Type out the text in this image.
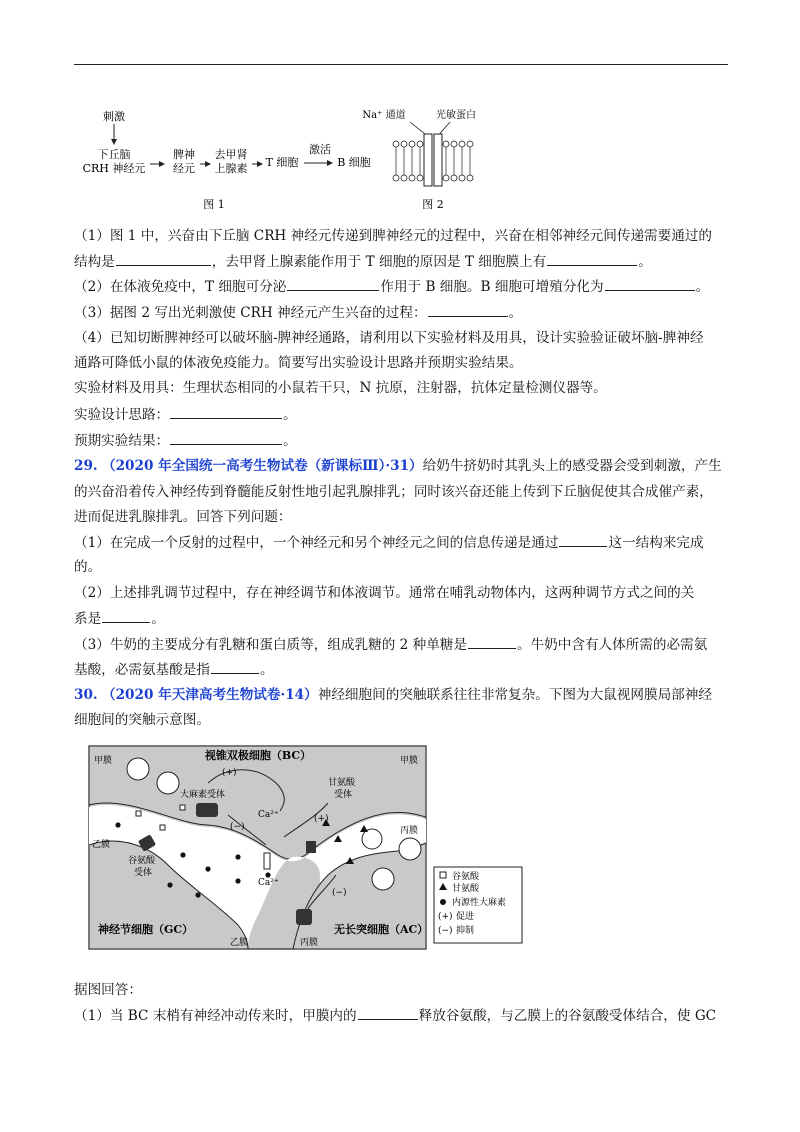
刺激
下丘脑
CRH 神经元
脾神
经元
去甲肾
上腺素 T 细胞
激活
B 细胞
图 1
Na⁺ 通道	光敏蛋白
图 2
（1）图 1 中，兴奋由下丘脑 CRH 神经元传递到脾神经元的过程中，兴奋在相邻神经元间传递需要通过的
结构是	，去甲肾上腺素能作用于 T 细胞的原因是 T 细胞膜上有	。
（2）在体液免疫中，T 细胞可分泌	作用于 B 细胞。B 细胞可增殖分化为	。
（3）据图 2 写出光刺激使 CRH 神经元产生兴奋的过程：	。
（4）已知切断脾神经可以破坏脑-脾神经通路，请利用以下实验材料及用具，设计实验验证破坏脑-脾神经
通路可降低小鼠的体液免疫能力。简要写出实验设计思路并预期实验结果。
实验材料及用具：生理状态相同的小鼠若干只，N 抗原，注射器，抗体定量检测仪器等。
实验设计思路：	。
预期实验结果：	。
29. （2020 年全国统一高考生物试卷（新课标Ⅲ）·31）给奶牛挤奶时其乳头上的感受器会受到刺激，产生
的兴奋沿着传入神经传到脊髓能反射性地引起乳腺排乳；同时该兴奋还能上传到下丘脑促使其合成催产素，
进而促进乳腺排乳。回答下列问题：
（1）在完成一个反射的过程中，一个神经元和另个神经元之间的信息传递是通过	这一结构来完成
的。
（2）上述排乳调节过程中，存在神经调节和体液调节。通常在哺乳动物体内，这两种调节方式之间的关
系是	。
（3）牛奶的主要成分有乳糖和蛋白质等，组成乳糖的 2 种单糖是	。牛奶中含有人体所需的必需氨
基酸，必需氨基酸是指	。
30. （2020 年天津高考生物试卷·14）神经细胞间的突触联系往往非常复杂。下图为大鼠视网膜局部神经
细胞间的突触示意图。
视锥双极细胞（BC）
甲膜	甲膜
乙膜
乙膜
丙膜
丙膜
大麻素受体
甘氨酸
受体
谷氨酸
受体
(+)
(−)
(+)
(−)
Ca²⁺
Ca²⁺
神经节细胞（GC）	无长突细胞（AC）
谷氨酸
甘氨酸
内源性大麻素
(+) 促进
(−) 抑制
据图回答：
（1）当 BC 末梢有神经冲动传来时，甲膜内的	释放谷氨酸，与乙膜上的谷氨酸受体结合，使 GC
